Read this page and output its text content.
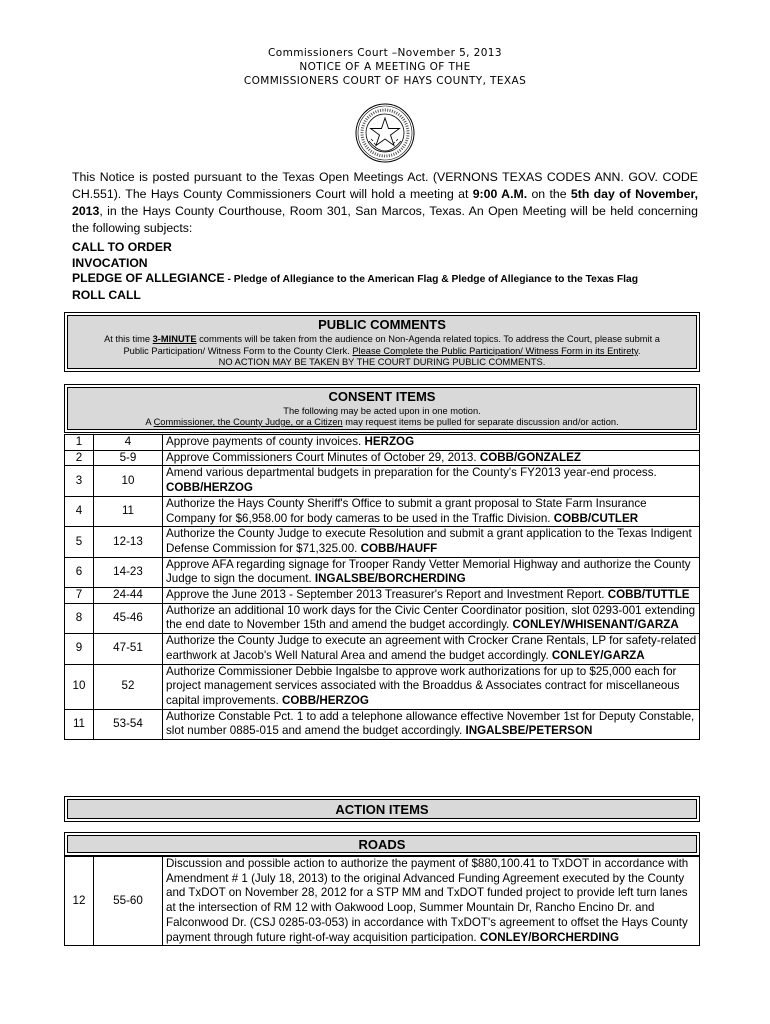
Commissioners Court –November 5, 2013
NOTICE OF A MEETING OF THE
COMMISSIONERS COURT OF HAYS COUNTY, TEXAS
This Notice is posted pursuant to the Texas Open Meetings Act. (VERNONS TEXAS CODES ANN. GOV. CODE CH.551). The Hays County Commissioners Court will hold a meeting at 9:00 A.M. on the 5th day of November, 2013, in the Hays County Courthouse, Room 301, San Marcos, Texas. An Open Meeting will be held concerning the following subjects:
CALL TO ORDER
INVOCATION
PLEDGE OF ALLEGIANCE - Pledge of Allegiance to the American Flag & Pledge of Allegiance to the Texas Flag
ROLL CALL
PUBLIC COMMENTS
At this time 3-MINUTE comments will be taken from the audience on Non-Agenda related topics. To address the Court, please submit a
Public Participation/ Witness Form to the County Clerk. Please Complete the Public Participation/ Witness Form in its Entirety.
NO ACTION MAY BE TAKEN BY THE COURT DURING PUBLIC COMMENTS.
CONSENT ITEMS
The following may be acted upon in one motion.
A Commissioner, the County Judge, or a Citizen may request items be pulled for separate discussion and/or action.
1	4	Approve payments of county invoices. HERZOG
2	5-9	Approve Commissioners Court Minutes of October 29, 2013. COBB/GONZALEZ
3	10	Amend various departmental budgets in preparation for the County's FY2013 year-end process. COBB/HERZOG
4	11	Authorize the Hays County Sheriff's Office to submit a grant proposal to State Farm Insurance Company for $6,958.00 for body cameras to be used in the Traffic Division. COBB/CUTLER
5	12-13	Authorize the County Judge to execute Resolution and submit a grant application to the Texas Indigent Defense Commission for $71,325.00. COBB/HAUFF
6	14-23	Approve AFA regarding signage for Trooper Randy Vetter Memorial Highway and authorize the County Judge to sign the document. INGALSBE/BORCHERDING
7	24-44	Approve the June 2013 - September 2013 Treasurer's Report and Investment Report. COBB/TUTTLE
8	45-46	Authorize an additional 10 work days for the Civic Center Coordinator position, slot 0293-001 extending the end date to November 15th and amend the budget accordingly. CONLEY/WHISENANT/GARZA
9	47-51	Authorize the County Judge to execute an agreement with Crocker Crane Rentals, LP for safety-related earthwork at Jacob's Well Natural Area and amend the budget accordingly. CONLEY/GARZA
10	52	Authorize Commissioner Debbie Ingalsbe to approve work authorizations for up to $25,000 each for project management services associated with the Broaddus & Associates contract for miscellaneous capital improvements. COBB/HERZOG
11	53-54	Authorize Constable Pct. 1 to add a telephone allowance effective November 1st for Deputy Constable, slot number 0885-015 and amend the budget accordingly. INGALSBE/PETERSON
ACTION ITEMS
ROADS
12	55-60	Discussion and possible action to authorize the payment of $880,100.41 to TxDOT in accordance with Amendment # 1 (July 18, 2013) to the original Advanced Funding Agreement executed by the County and TxDOT on November 28, 2012 for a STP MM and TxDOT funded project to provide left turn lanes at the intersection of RM 12 with Oakwood Loop, Summer Mountain Dr, Rancho Encino Dr. and Falconwood Dr. (CSJ 0285-03-053) in accordance with TxDOT's agreement to offset the Hays County payment through future right-of-way acquisition participation. CONLEY/BORCHERDING
